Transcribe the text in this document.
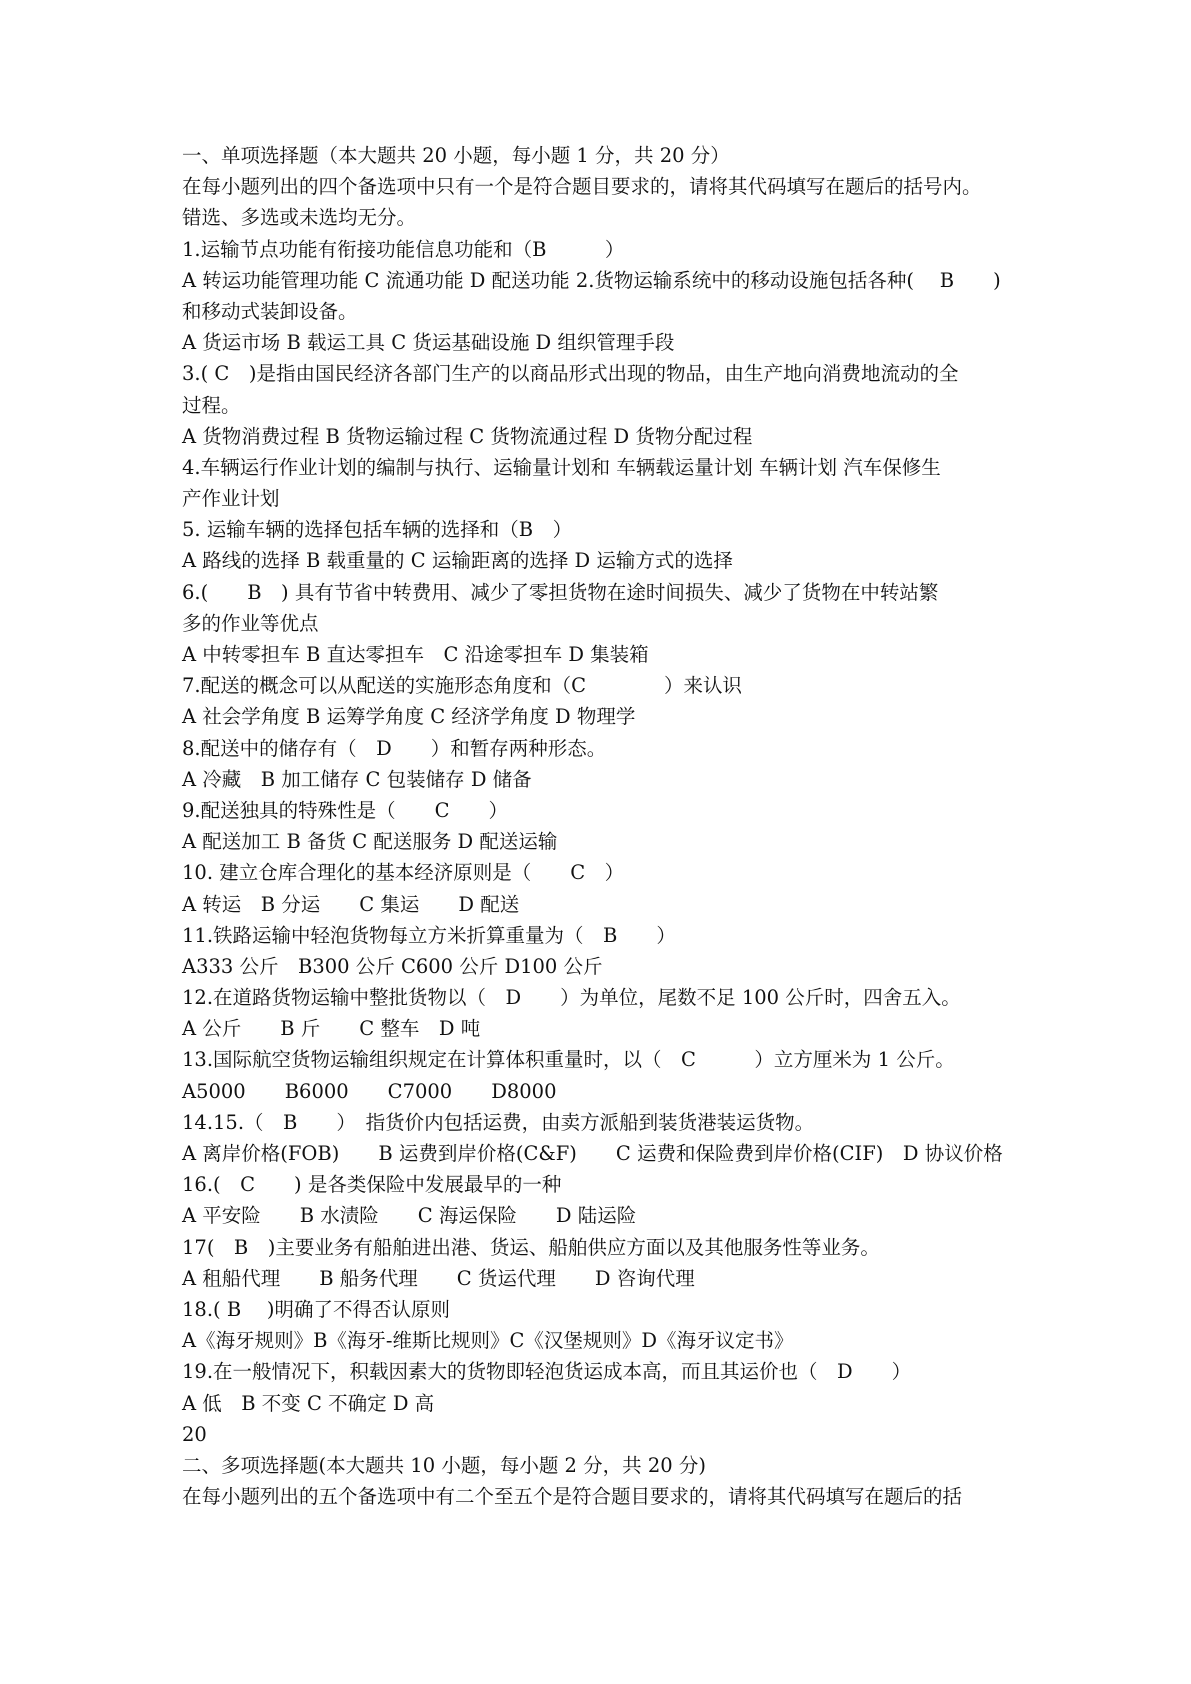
一、单项选择题（本大题共 20 小题，每小题 1 分，共 20 分）
在每小题列出的四个备选项中只有一个是符合题目要求的，请将其代码填写在题后的括号内。
错选、多选或未选均无分。
1.运输节点功能有衔接功能信息功能和（B　　　）
A 转运功能管理功能 C 流通功能 D 配送功能 2.货物运输系统中的移动设施包括各种(　 B　　)
和移动式装卸设备。
A 货运市场 B 载运工具 C 货运基础设施 D 组织管理手段
3.( C　)是指由国民经济各部门生产的以商品形式出现的物品，由生产地向消费地流动的全
过程。
A 货物消费过程 B 货物运输过程 C 货物流通过程 D 货物分配过程
4.车辆运行作业计划的编制与执行、运输量计划和 车辆载运量计划 车辆计划 汽车保修生
产作业计划
5. 运输车辆的选择包括车辆的选择和（B　）
A 路线的选择 B 载重量的 C 运输距离的选择 D 运输方式的选择
6.(　　B　) 具有节省中转费用、减少了零担货物在途时间损失、减少了货物在中转站繁
多的作业等优点
A 中转零担车 B 直达零担车　C 沿途零担车 D 集装箱
7.配送的概念可以从配送的实施形态角度和（C　　　　）来认识
A 社会学角度 B 运筹学角度 C 经济学角度 D 物理学
8.配送中的储存有（　D　　）和暂存两种形态。
A 冷藏　B 加工储存 C 包装储存 D 储备
9.配送独具的特殊性是（　　C　　）
A 配送加工 B 备货 C 配送服务 D 配送运输
10. 建立仓库合理化的基本经济原则是（　　C　）
A 转运　B 分运　　C 集运　　D 配送
11.铁路运输中轻泡货物每立方米折算重量为（　B　　）
A333 公斤　B300 公斤 C600 公斤 D100 公斤
12.在道路货物运输中整批货物以（　D　　）为单位，尾数不足 100 公斤时，四舍五入。
A 公斤　　B 斤　　C 整车　D 吨
13.国际航空货物运输组织规定在计算体积重量时，以（　C　　　）立方厘米为 1 公斤。
A5000　　B6000　　C7000　　D8000
14.15.（　B　　）　指货价内包括运费，由卖方派船到装货港装运货物。
A 离岸价格(FOB)　　B 运费到岸价格(C&F)　　C 运费和保险费到岸价格(CIF)　D 协议价格
16.(　C　　) 是各类保险中发展最早的一种
A 平安险　　B 水渍险　　C 海运保险　　D 陆运险
17(　B　)主要业务有船舶进出港、货运、船舶供应方面以及其他服务性等业务。
A 租船代理　　B 船务代理　　C 货运代理　　D 咨询代理
18.( B　 )明确了不得否认原则
A《海牙规则》B《海牙-维斯比规则》C《汉堡规则》D《海牙议定书》
19.在一般情况下，积载因素大的货物即轻泡货运成本高，而且其运价也（　D　　）
A 低　B 不变 C 不确定 D 高
20
二、多项选择题(本大题共 10 小题，每小题 2 分，共 20 分)
在每小题列出的五个备选项中有二个至五个是符合题目要求的，请将其代码填写在题后的括
